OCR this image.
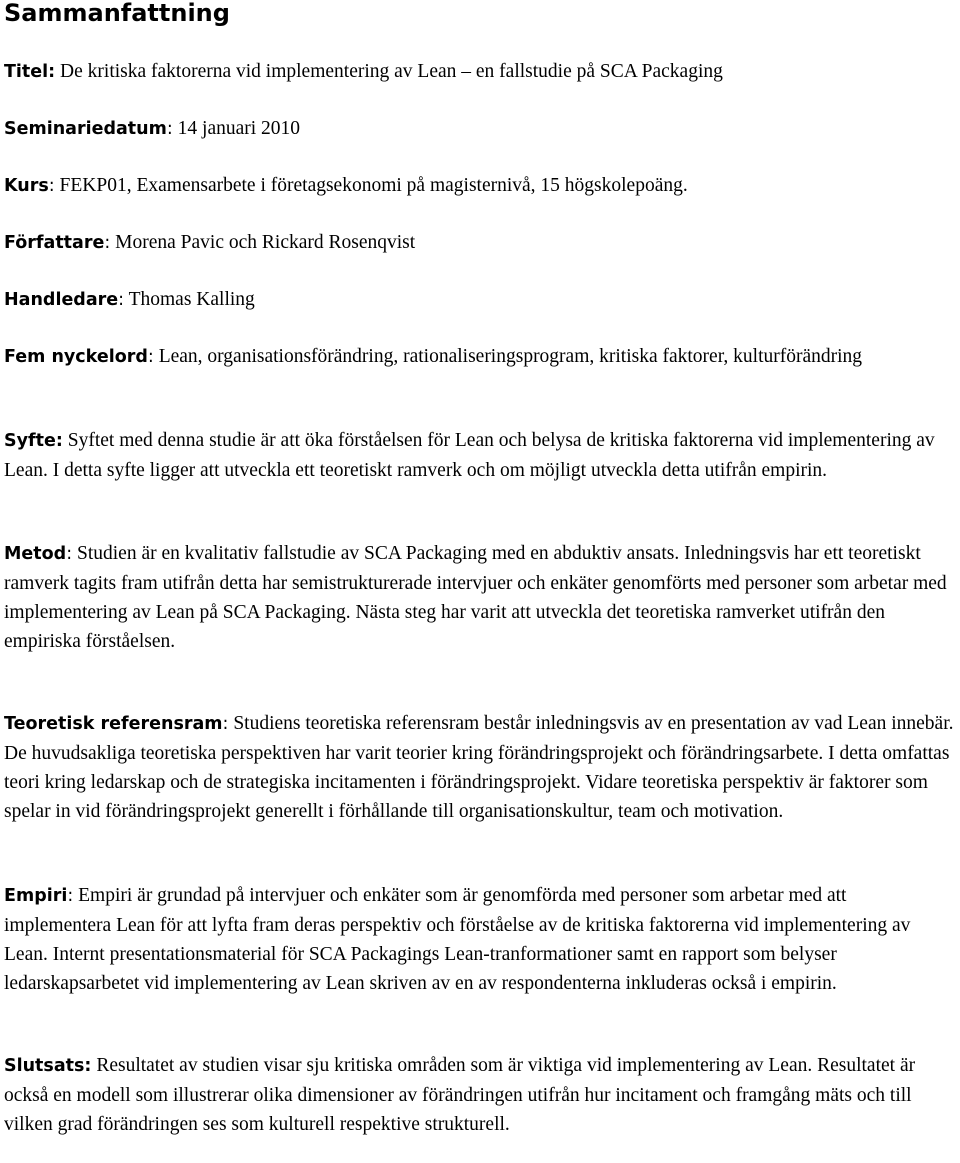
Sammanfattning

Titel: De kritiska faktorerna vid implementering av Lean – en fallstudie på SCA Packaging

Seminariedatum: 14 januari 2010

Kurs: FEKP01, Examensarbete i företagsekonomi på magisternivå, 15 högskolepoäng.

Författare: Morena Pavic och Rickard Rosenqvist

Handledare: Thomas Kalling

Fem nyckelord: Lean, organisationsförändring, rationaliseringsprogram, kritiska faktorer, kulturförändring

Syfte: Syftet med denna studie är att öka förståelsen för Lean och belysa de kritiska faktorerna vid implementering av Lean. I detta syfte ligger att utveckla ett teoretiskt ramverk och om möjligt utveckla detta utifrån empirin.

Metod: Studien är en kvalitativ fallstudie av SCA Packaging med en abduktiv ansats. Inledningsvis har ett teoretiskt ramverk tagits fram utifrån detta har semistrukturerade intervjuer och enkäter genomförts med personer som arbetar med implementering av Lean på SCA Packaging. Nästa steg har varit att utveckla det teoretiska ramverket utifrån den empiriska förståelsen.

Teoretisk referensram: Studiens teoretiska referensram består inledningsvis av en presentation av vad Lean innebär. De huvudsakliga teoretiska perspektiven har varit teorier kring förändringsprojekt och förändringsarbete. I detta omfattas teori kring ledarskap och de strategiska incitamenten i förändringsprojekt. Vidare teoretiska perspektiv är faktorer som spelar in vid förändringsprojekt generellt i förhållande till organisationskultur, team och motivation.

Empiri: Empiri är grundad på intervjuer och enkäter som är genomförda med personer som arbetar med att implementera Lean för att lyfta fram deras perspektiv och förståelse av de kritiska faktorerna vid implementering av Lean. Internt presentationsmaterial för SCA Packagings Lean-tranformationer samt en rapport som belyser ledarskapsarbetet vid implementering av Lean skriven av en av respondenterna inkluderas också i empirin.

Slutsats: Resultatet av studien visar sju kritiska områden som är viktiga vid implementering av Lean. Resultatet är också en modell som illustrerar olika dimensioner av förändringen utifrån hur incitament och framgång mäts och till vilken grad förändringen ses som kulturell respektive strukturell.
